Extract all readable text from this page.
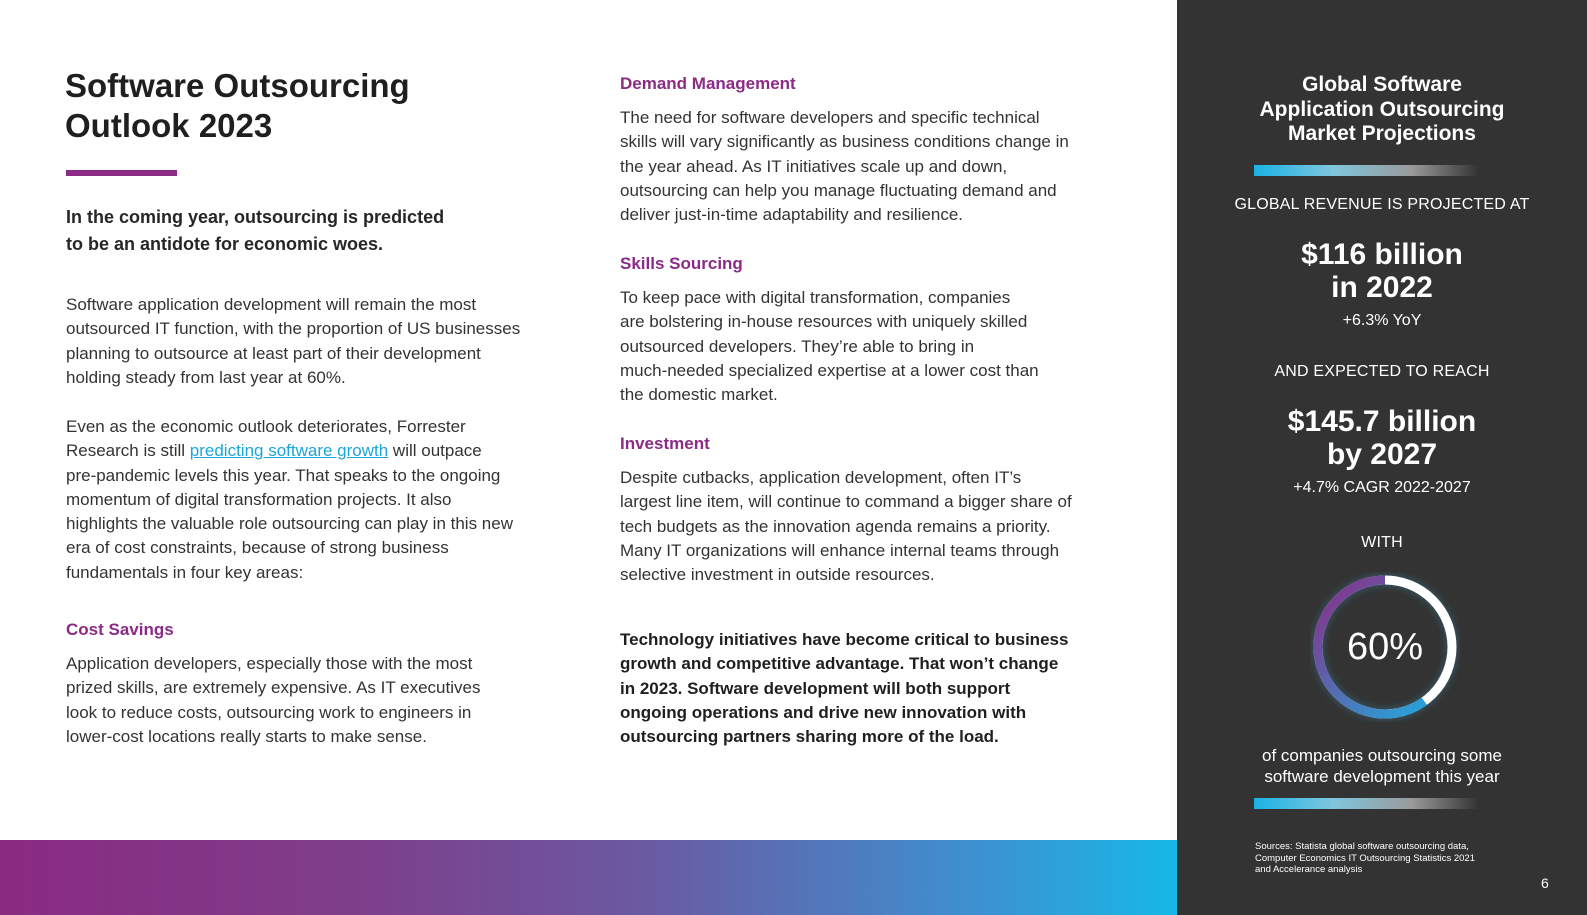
Software Outsourcing
Outlook 2023

In the coming year, outsourcing is predicted
to be an antidote for economic woes.

Software application development will remain the most
outsourced IT function, with the proportion of US businesses
planning to outsource at least part of their development
holding steady from last year at 60%.

Even as the economic outlook deteriorates, Forrester
Research is still predicting software growth will outpace
pre-pandemic levels this year. That speaks to the ongoing
momentum of digital transformation projects. It also
highlights the valuable role outsourcing can play in this new
era of cost constraints, because of strong business
fundamentals in four key areas:

Cost Savings

Application developers, especially those with the most
prized skills, are extremely expensive. As IT executives
look to reduce costs, outsourcing work to engineers in
lower-cost locations really starts to make sense.

Demand Management

The need for software developers and specific technical
skills will vary significantly as business conditions change in
the year ahead. As IT initiatives scale up and down,
outsourcing can help you manage fluctuating demand and
deliver just-in-time adaptability and resilience.

Skills Sourcing

To keep pace with digital transformation, companies
are bolstering in-house resources with uniquely skilled
outsourced developers. They’re able to bring in
much-needed specialized expertise at a lower cost than
the domestic market.

Investment

Despite cutbacks, application development, often IT’s
largest line item, will continue to command a bigger share of
tech budgets as the innovation agenda remains a priority.
Many IT organizations will enhance internal teams through
selective investment in outside resources.

Technology initiatives have become critical to business
growth and competitive advantage. That won’t change
in 2023. Software development will both support
ongoing operations and drive new innovation with
outsourcing partners sharing more of the load.

Global Software
Application Outsourcing
Market Projections

GLOBAL REVENUE IS PROJECTED AT

$116 billion
in 2022

+6.3% YoY

AND EXPECTED TO REACH

$145.7 billion
by 2027

+4.7% CAGR 2022-2027

WITH

60%

of companies outsourcing some
software development this year

Sources: Statista global software outsourcing data,
Computer Economics IT Outsourcing Statistics 2021
and Accelerance analysis

6
